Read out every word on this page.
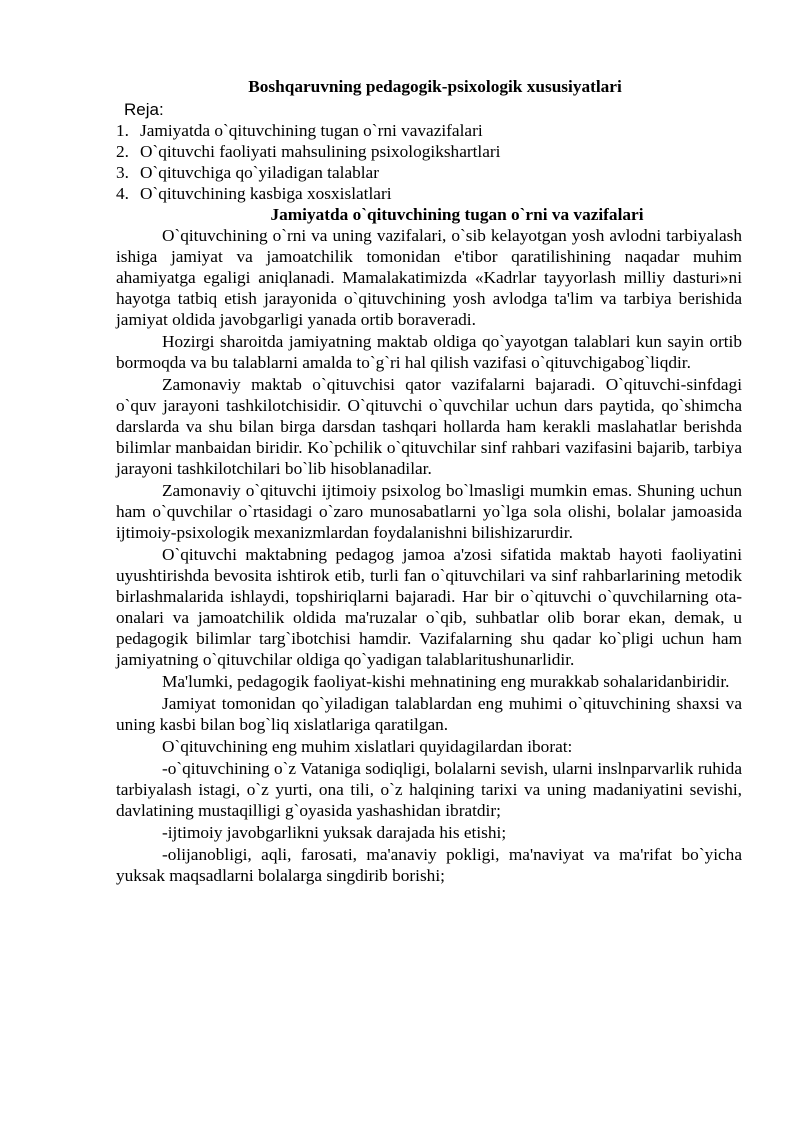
Boshqaruvning pedagogik-psixologik xususiyatlari
Reja:
1. Jamiyatda o`qituvchining tugan o`rni vavazifalari
2. O`qituvchi faoliyati mahsulining psixologikshartlari
3. O`qituvchiga qo`yiladigan talablar
4. O`qituvchining kasbiga xosxislatlari
Jamiyatda o`qituvchining tugan o`rni va vazifalari

O`qituvchining o`rni va uning vazifalari, o`sib kelayotgan yosh avlodni tarbiyalash ishiga jamiyat va jamoatchilik tomonidan e'tibor qaratilishining naqadar muhim ahamiyatga egaligi aniqlanadi. Mamalakatimizda «Kadrlar tayyorlash milliy dasturi»ni hayotga tatbiq etish jarayonida o`qituvchining yosh avlodga ta'lim va tarbiya berishida jamiyat oldida javobgarligi yanada ortib boraveradi.

Hozirgi sharoitda jamiyatning maktab oldiga qo`yayotgan talablari kun sayin ortib bormoqda va bu talablarni amalda to`g`ri hal qilish vazifasi o`qituvchigabog`liqdir.

Zamonaviy maktab o`qituvchisi qator vazifalarni bajaradi. O`qituvchi-sinfdagi o`quv jarayoni tashkilotchisidir. O`qituvchi o`quvchilar uchun dars paytida, qo`shimcha darslarda va shu bilan birga darsdan tashqari hollarda ham kerakli maslahatlar berishda bilimlar manbaidan biridir. Ko`pchilik o`qituvchilar sinf rahbari vazifasini bajarib, tarbiya jarayoni tashkilotchilari bo`lib hisoblanadilar.

Zamonaviy o`qituvchi ijtimoiy psixolog bo`lmasligi mumkin emas. Shuning uchun ham o`quvchilar o`rtasidagi o`zaro munosabatlarni yo`lga sola olishi, bolalar jamoasida ijtimoiy-psixologik mexanizmlardan foydalanishni bilishizarurdir.

O`qituvchi maktabning pedagog jamoa a'zosi sifatida maktab hayoti faoliyatini uyushtirishda bevosita ishtirok etib, turli fan o`qituvchilari va sinf rahbarlarining metodik birlashmalarida ishlaydi, topshiriqlarni bajaradi. Har bir o`qituvchi o`quvchilarning ota-onalari va jamoatchilik oldida ma'ruzalar o`qib, suhbatlar olib borar ekan, demak, u pedagogik bilimlar targ`ibotchisi hamdir. Vazifalarning shu qadar ko`pligi uchun ham jamiyatning o`qituvchilar oldiga qo`yadigan talablaritushunarlidir.

Ma'lumki, pedagogik faoliyat-kishi mehnatining eng murakkab sohalaridanbiridir.

Jamiyat tomonidan qo`yiladigan talablardan eng muhimi o`qituvchining shaxsi va uning kasbi bilan bog`liq xislatlariga qaratilgan.

O`qituvchining eng muhim xislatlari quyidagilardan iborat:

-o`qituvchining o`z Vataniga sodiqligi, bolalarni sevish, ularni inslnparvarlik ruhida tarbiyalash istagi, o`z yurti, ona tili, o`z halqining tarixi va uning madaniyatini sevishi, davlatining mustaqilligi g`oyasida yashashidan ibratdir;

-ijtimoiy javobgarlikni yuksak darajada his etishi;

-olijanobligi, aqli, farosati, ma'anaviy pokligi, ma'naviyat va ma'rifat bo`yicha yuksak maqsadlarni bolalarga singdirib borishi;
